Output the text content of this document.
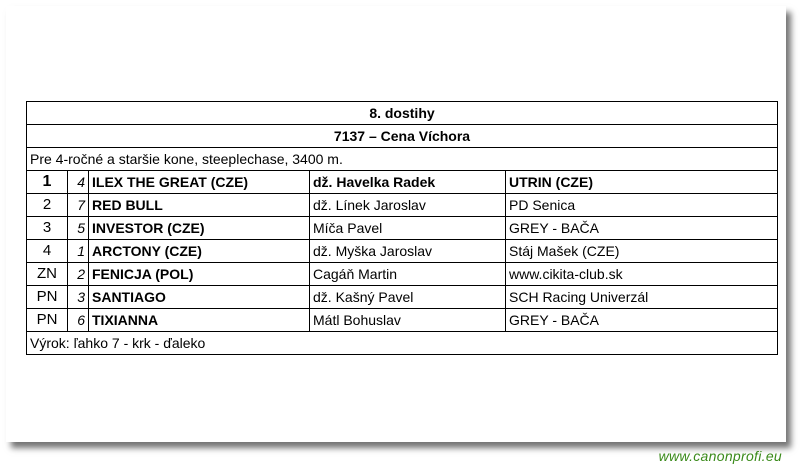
8. dostihy				
7137 – Cena Víchora				
Pre 4-ročné a staršie kone, steeplechase, 3400 m.				
1	4	ILEX THE GREAT (CZE)	dž. Havelka Radek	UTRIN (CZE)
2	7	RED BULL	dž. Línek Jaroslav	PD Senica
3	5	INVESTOR (CZE)	Míča Pavel	GREY - BAČA
4	1	ARCTONY (CZE)	dž. Myška Jaroslav	Stáj Mašek (CZE)
ZN	2	FENICJA (POL)	Cagáň Martin	www.cikita-club.sk
PN	3	SANTIAGO	dž. Kašný Pavel	SCH Racing Univerzál
PN	6	TIXIANNA	Mátl Bohuslav	GREY - BAČA
Výrok: ľahko 7 - krk - ďaleko				
www.canonprofi.eu
